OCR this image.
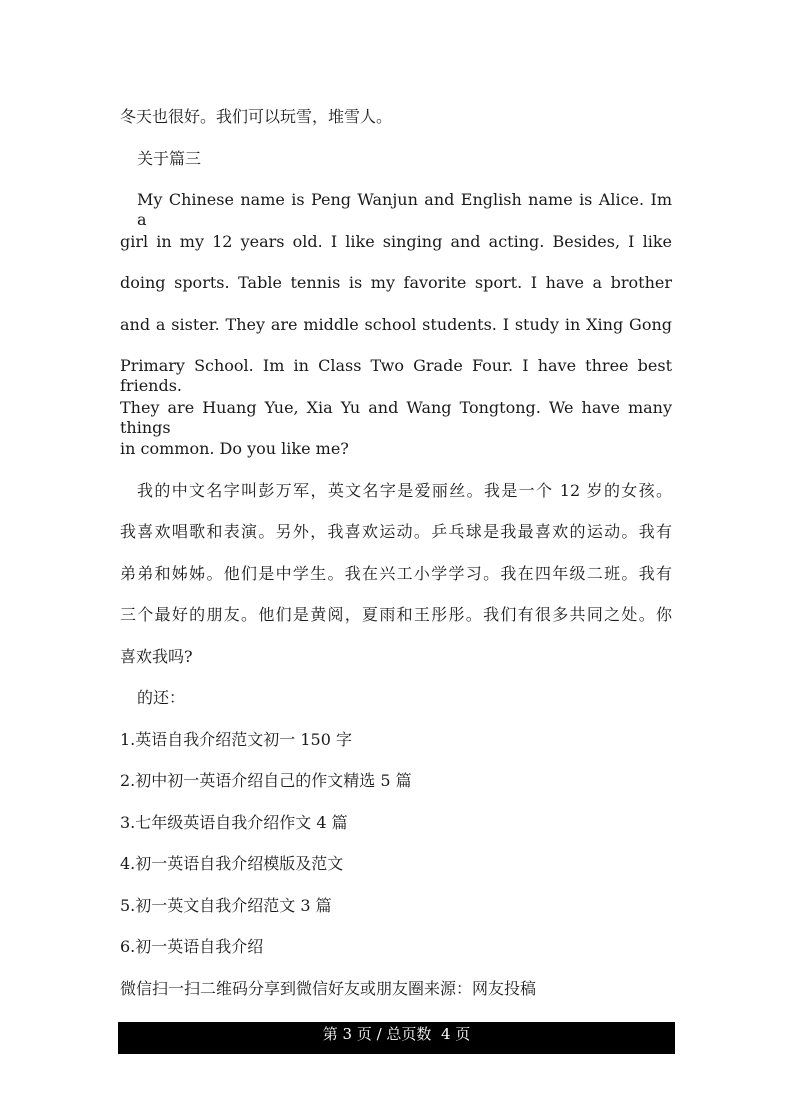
冬天也很好。我们可以玩雪，堆雪人。
关于篇三
My Chinese name is Peng Wanjun and English name is Alice. Im a
girl in my 12 years old. I like singing and acting. Besides, I like
doing sports. Table tennis is my favorite sport. I have a brother
and a sister. They are middle school students. I study in Xing Gong
Primary School. Im in Class Two Grade Four. I have three best friends.
They are Huang Yue, Xia Yu and Wang Tongtong. We have many things
in common. Do you like me?
我的中文名字叫彭万军，英文名字是爱丽丝。我是一个 12 岁的女孩。
我喜欢唱歌和表演。另外，我喜欢运动。乒乓球是我最喜欢的运动。我有
弟弟和姊姊。他们是中学生。我在兴工小学学习。我在四年级二班。我有
三个最好的朋友。他们是黄阅，夏雨和王彤彤。我们有很多共同之处。你
喜欢我吗?
的还：
1.英语自我介绍范文初一 150 字
2.初中初一英语介绍自己的作文精选 5 篇
3.七年级英语自我介绍作文 4 篇
4.初一英语自我介绍模版及范文
5.初一英文自我介绍范文 3 篇
6.初一英语自我介绍
微信扫一扫二维码分享到微信好友或朋友圈来源：网友投稿
第 3 页 / 总页数  4 页
